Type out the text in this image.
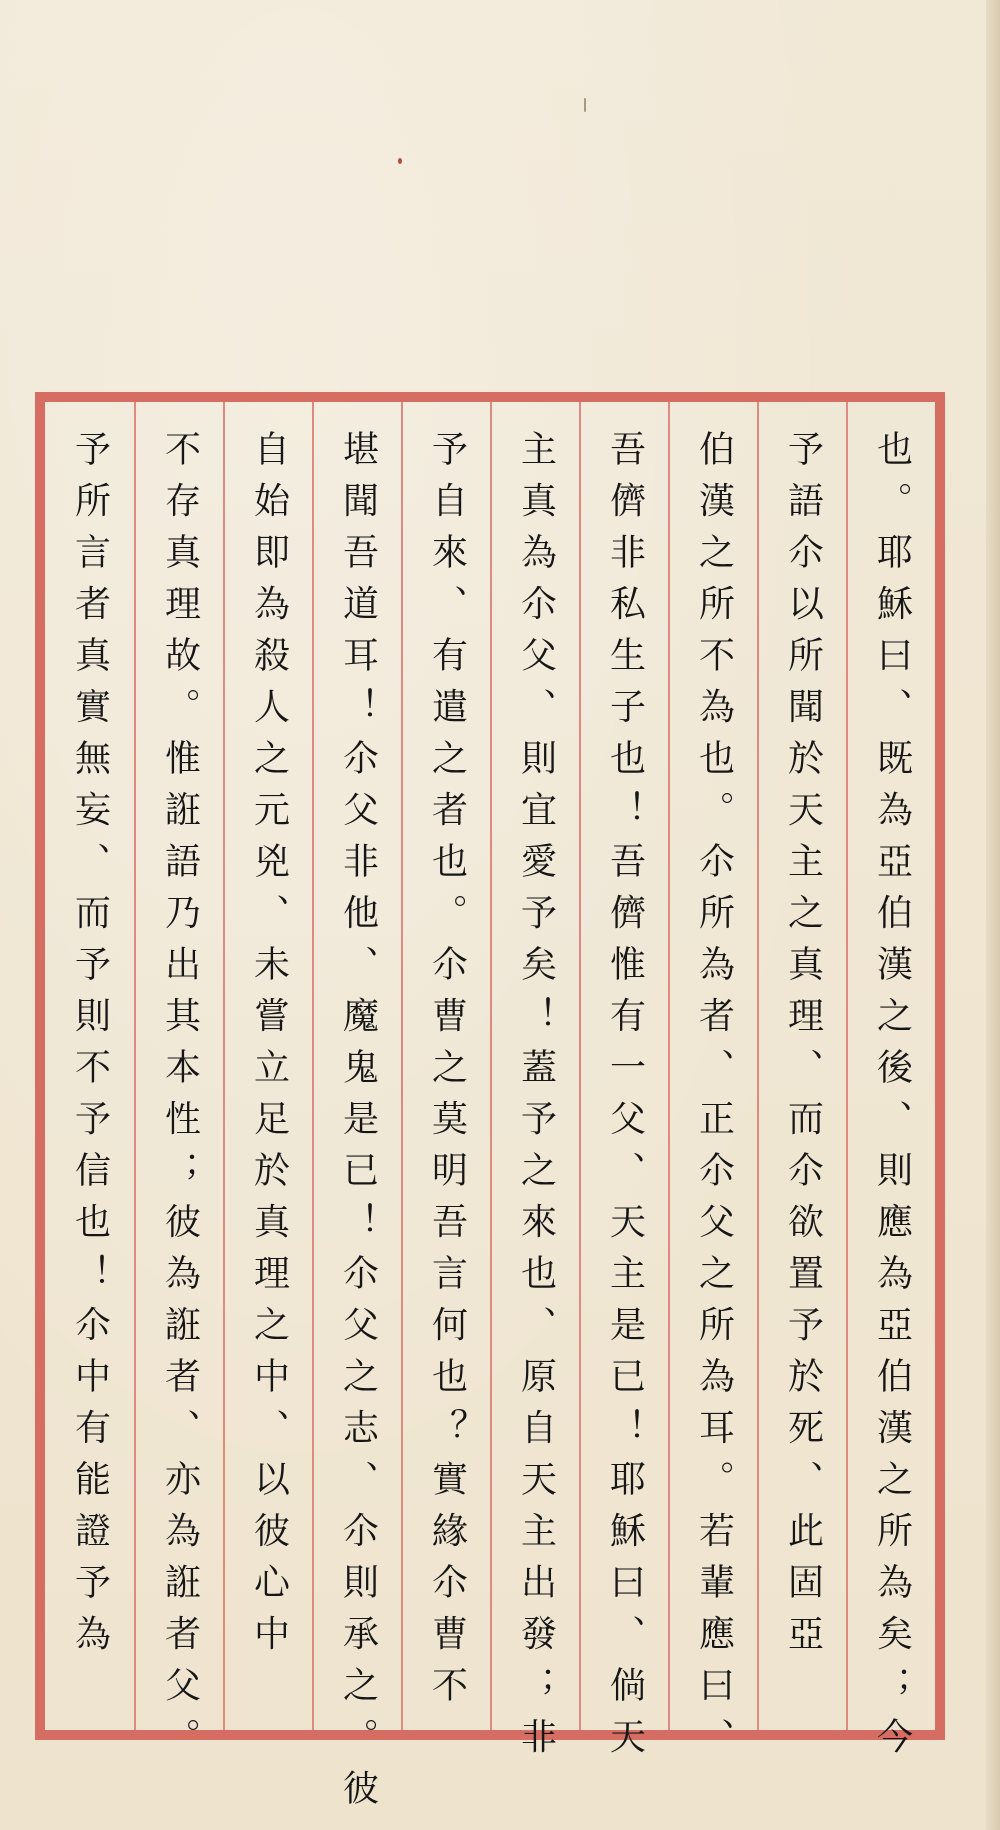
也。耶穌曰、既為亞伯漢之後、則應為亞伯漢之所為矣；今
予語尒以所聞於天主之真理、而尒欲置予於死、此固亞
伯漢之所不為也。尒所為者、正尒父之所為耳。若輩應曰、
吾儕非私生子也！吾儕惟有一父、天主是已！耶穌曰、倘天
主真為尒父、則宜愛予矣！蓋予之來也、原自天主出發；非
予自來、有遣之者也。尒曹之莫明吾言何也？實緣尒曹不
堪聞吾道耳！尒父非他、魔鬼是已！尒父之志、尒則承之。彼
自始即為殺人之元兇、未嘗立足於真理之中、以彼心中
不存真理故。惟誑語乃出其本性；彼為誑者、亦為誑者父。
予所言者真實無妄、而予則不予信也！尒中有能證予為
